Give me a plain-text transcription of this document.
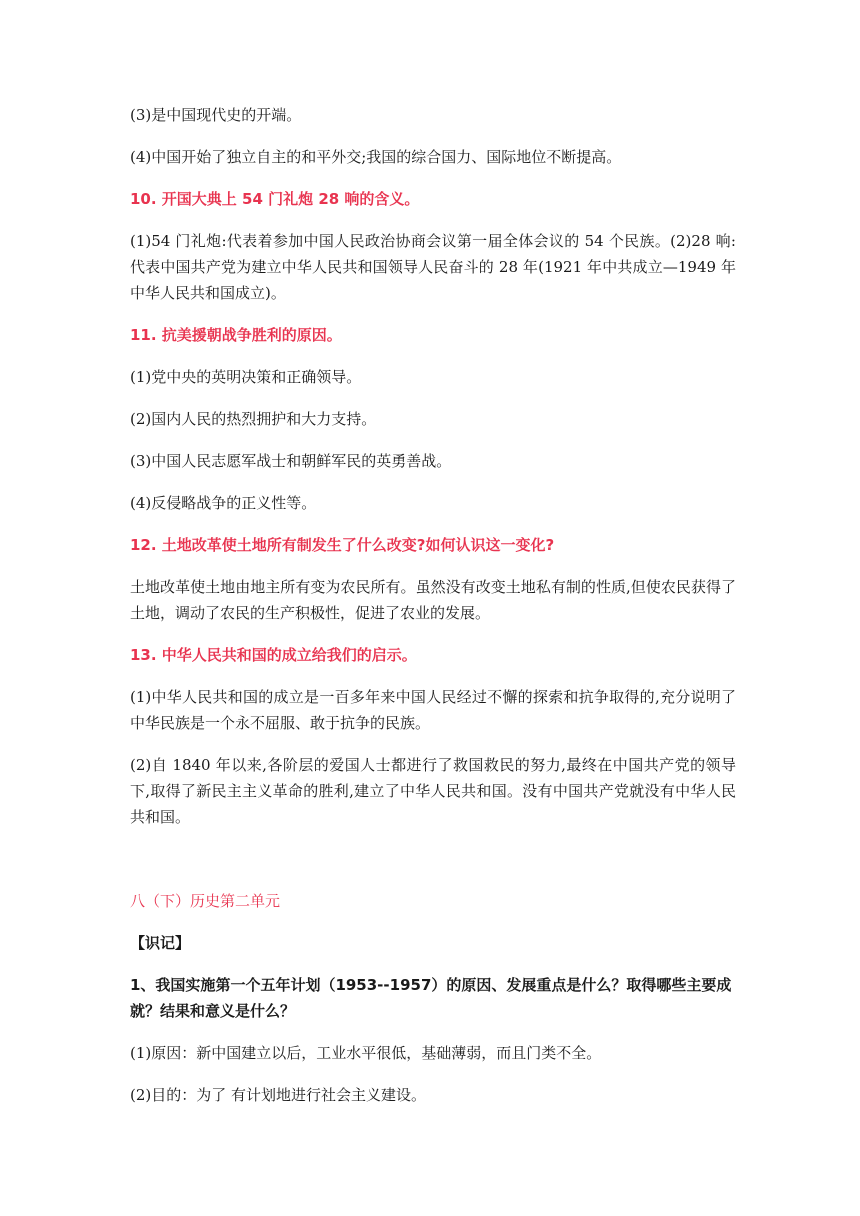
(3)是中国现代史的开端。

(4)中国开始了独立自主的和平外交;我国的综合国力、国际地位不断提高。

10. 开国大典上 54 门礼炮 28 响的含义。

(1)54 门礼炮:代表着参加中国人民政治协商会议第一届全体会议的 54 个民族。(2)28 响:代表中国共产党为建立中华人民共和国领导人民奋斗的 28 年(1921 年中共成立—1949 年中华人民共和国成立)。

11. 抗美援朝战争胜利的原因。

(1)党中央的英明决策和正确领导。

(2)国内人民的热烈拥护和大力支持。

(3)中国人民志愿军战士和朝鲜军民的英勇善战。

(4)反侵略战争的正义性等。

12. 土地改革使土地所有制发生了什么改变?如何认识这一变化?

土地改革使土地由地主所有变为农民所有。虽然没有改变土地私有制的性质,但使农民获得了土地，调动了农民的生产积极性，促进了农业的发展。

13. 中华人民共和国的成立给我们的启示。

(1)中华人民共和国的成立是一百多年来中国人民经过不懈的探索和抗争取得的,充分说明了中华民族是一个永不屈服、敢于抗争的民族。

(2)自 1840 年以来,各阶层的爱国人士都进行了救国救民的努力,最终在中国共产党的领导下,取得了新民主主义革命的胜利,建立了中华人民共和国。没有中国共产党就没有中华人民共和国。

八（下）历史第二单元

【识记】

1、我国实施第一个五年计划（1953--1957）的原因、发展重点是什么？取得哪些主要成就？结果和意义是什么？

(1)原因：新中国建立以后，工业水平很低，基础薄弱，而且门类不全。

(2)目的：为了 有计划地进行社会主义建设。
